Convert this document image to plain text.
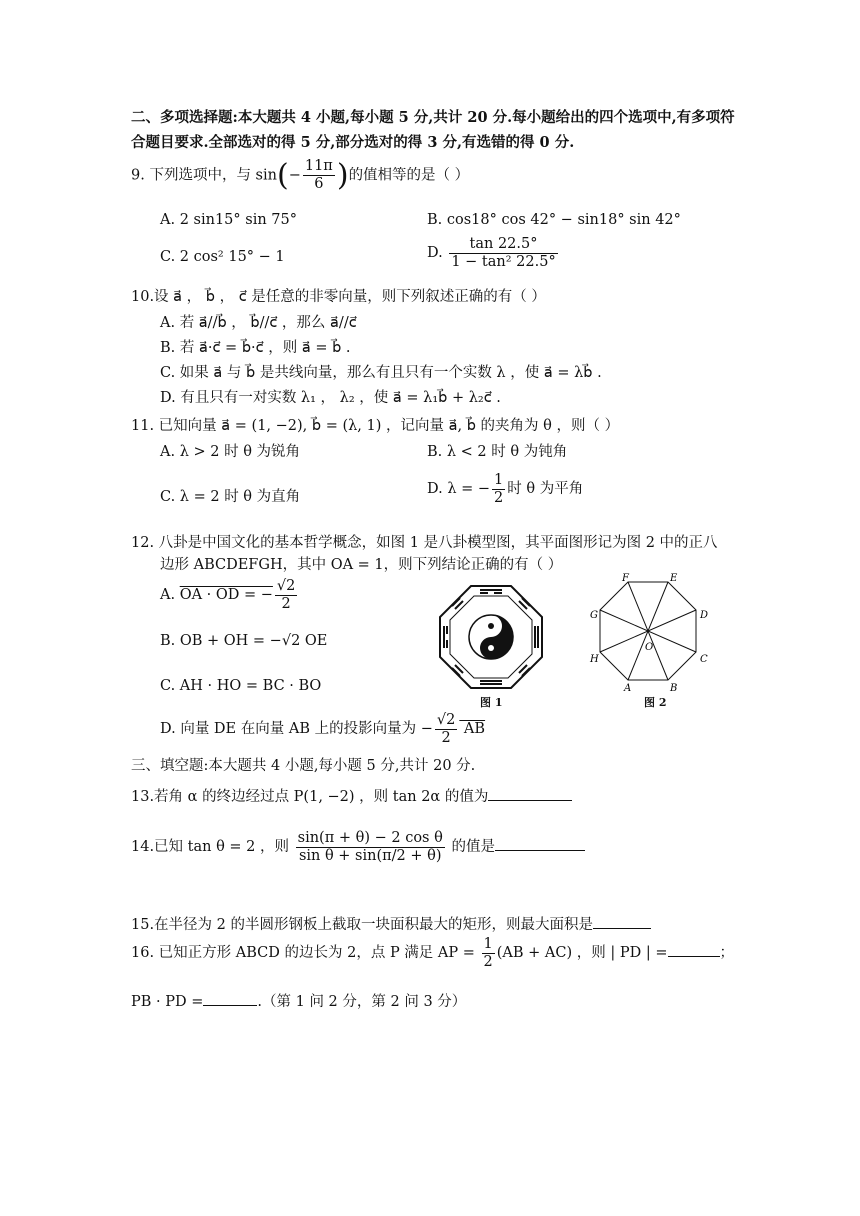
二、多项选择题:本大题共 4 小题,每小题 5 分,共计 20 分.每小题给出的四个选项中,有多项符
合题目要求.全部选对的得 5 分,部分选对的得 3 分,有选错的得 0 分.
9. 下列选项中，与 $\sin(- \frac{11\pi}{6}$ )的值相等的是（ ）
A. 2 sin15° sin 75°	B. cos18° cos 42° − sin18° sin 42°
C. 2 cos² 15° − 1	D. $\frac{\tan 22.5^\circ}{\text{1 − tan² 22.5°}}$
10.设 a⃗ ， b⃗ ， c⃗ 是任意的非零向量，则下列叙述正确的有（ ）
A. 若 a⃗//b⃗ ， b⃗//c⃗ ，那么 a⃗//c⃗
B. 若 a⃗·c⃗ = b⃗·c⃗ ，则 a⃗ = b⃗ .
C. 如果 a⃗ 与 b⃗ 是共线向量，那么有且只有一个实数 λ ，使 a⃗ = λb⃗ .
D. 有且只有一对实数 λ₁ ， λ₂ ，使 a⃗ = λ₁b⃗ + λ₂c⃗ .
11. 已知向量 a⃗ = (1, −2), b⃗ = (λ, 1) ，记向量 a⃗, b⃗ 的夹角为 θ ，则（ ）
A. λ > 2 时 θ 为锐角	B. λ < 2 时 θ 为钝角
C. λ = 2 时 θ 为直角	D. λ = − $\frac{1}{2}$ 时 θ 为平角
12. 八卦是中国文化的基本哲学概念，如图 1 是八卦模型图，其平面图形记为图 2 中的正八
边形 ABCDEFGH，其中 OA = 1，则下列结论正确的有（ ）
A. OA · OD = − $\frac{√2}{2}$
B. OB + OH = −√2 OE
C. AH · HO = BC · BO
D. 向量 DE 在向量 AB 上的投影向量为 − $\frac{√2}{2}$ AB
图 1
A	B
C
D
E
F
G
H
O
图 2
三、填空题:本大题共 4 小题,每小题 5 分,共计 20 分.
13.若角 α 的终边经过点 P(1, −2) ，则 tan 2α 的值为
14.已知 tan θ = 2 ，则 $\frac{\text{sin(π + θ) − 2 cos θ}}{\text{sin θ + sin(π/2 + θ)}}$ 的值是
15.在半径为 2 的半圆形钢板上截取一块面积最大的矩形，则最大面积是
16. 已知正方形 ABCD 的边长为 2，点 P 满足 AP = $\frac{1}{2} (AB + AC)$ ，则 | PD | =	；
PB · PD =	.（第 1 问 2 分，第 2 问 3 分）
